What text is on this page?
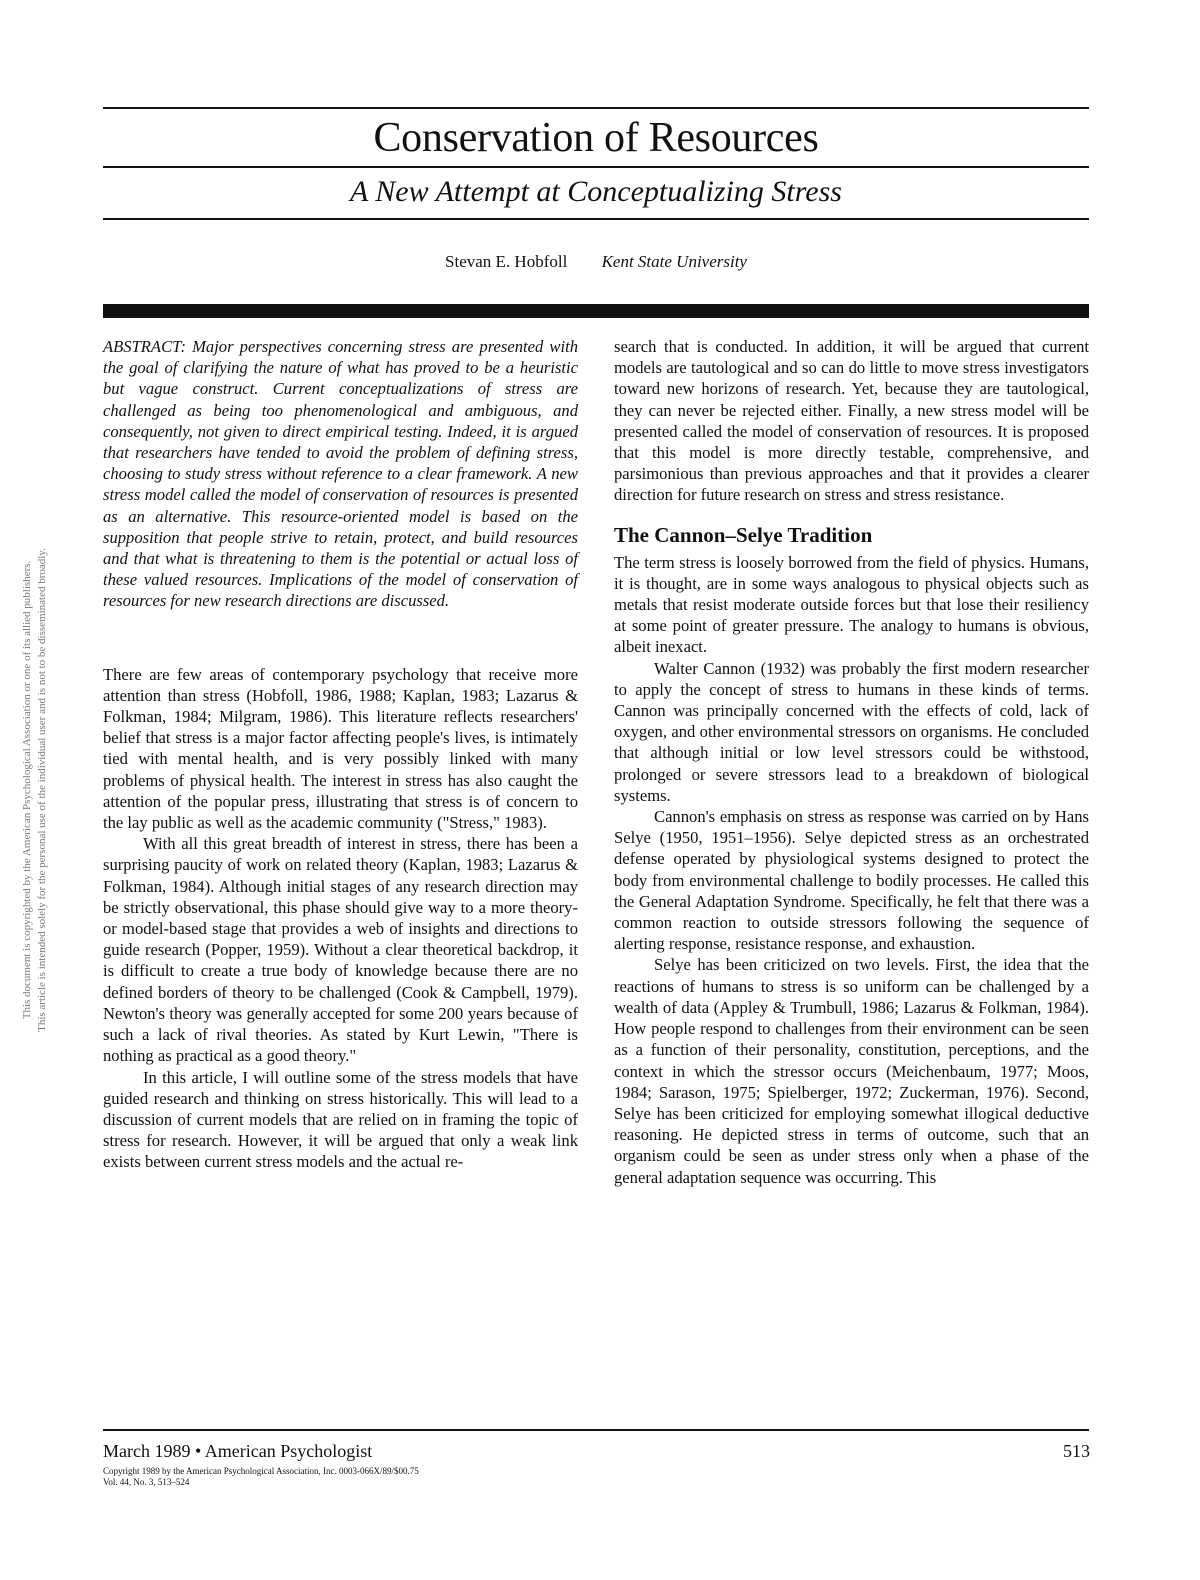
This document is copyrighted by the American Psychological Association or one of its allied publishers. This article is intended solely for the personal use of the individual user and is not to be disseminated broadly.
Conservation of Resources
A New Attempt at Conceptualizing Stress
Stevan E. Hobfoll Kent State University

ABSTRACT: Major perspectives concerning stress are presented with the goal of clarifying the nature of what has proved to be a heuristic but vague construct. Current conceptualizations of stress are challenged as being too phenomenological and ambiguous, and consequently, not given to direct empirical testing. Indeed, it is argued that researchers have tended to avoid the problem of defining stress, choosing to study stress without reference to a clear framework. A new stress model called the model of conservation of resources is presented as an alternative. This resource-oriented model is based on the supposition that people strive to retain, protect, and build resources and that what is threatening to them is the potential or actual loss of these valued resources. Implications of the model of conservation of resources for new research directions are discussed.

There are few areas of contemporary psychology that receive more attention than stress (Hobfoll, 1986, 1988; Kaplan, 1983; Lazarus & Folkman, 1984; Milgram, 1986). This literature reflects researchers' belief that stress is a major factor affecting people's lives, is intimately tied with mental health, and is very possibly linked with many problems of physical health. The interest in stress has also caught the attention of the popular press, illustrating that stress is of concern to the lay public as well as the academic community ("Stress," 1983).

With all this great breadth of interest in stress, there has been a surprising paucity of work on related theory (Kaplan, 1983; Lazarus & Folkman, 1984). Although initial stages of any research direction may be strictly observational, this phase should give way to a more theory- or model-based stage that provides a web of insights and directions to guide research (Popper, 1959). Without a clear theoretical backdrop, it is difficult to create a true body of knowledge because there are no defined borders of theory to be challenged (Cook & Campbell, 1979). Newton's theory was generally accepted for some 200 years because of such a lack of rival theories. As stated by Kurt Lewin, "There is nothing as practical as a good theory."

In this article, I will outline some of the stress models that have guided research and thinking on stress historically. This will lead to a discussion of current models that are relied on in framing the topic of stress for research. However, it will be argued that only a weak link exists between current stress models and the actual re-

search that is conducted. In addition, it will be argued that current models are tautological and so can do little to move stress investigators toward new horizons of research. Yet, because they are tautological, they can never be rejected either. Finally, a new stress model will be presented called the model of conservation of resources. It is proposed that this model is more directly testable, comprehensive, and parsimonious than previous approaches and that it provides a clearer direction for future research on stress and stress resistance.

The Cannon–Selye Tradition

The term stress is loosely borrowed from the field of physics. Humans, it is thought, are in some ways analogous to physical objects such as metals that resist moderate outside forces but that lose their resiliency at some point of greater pressure. The analogy to humans is obvious, albeit inexact.

Walter Cannon (1932) was probably the first modern researcher to apply the concept of stress to humans in these kinds of terms. Cannon was principally concerned with the effects of cold, lack of oxygen, and other environmental stressors on organisms. He concluded that although initial or low level stressors could be withstood, prolonged or severe stressors lead to a breakdown of biological systems.

Cannon's emphasis on stress as response was carried on by Hans Selye (1950, 1951–1956). Selye depicted stress as an orchestrated defense operated by physiological systems designed to protect the body from environmental challenge to bodily processes. He called this the General Adaptation Syndrome. Specifically, he felt that there was a common reaction to outside stressors following the sequence of alerting response, resistance response, and exhaustion.

Selye has been criticized on two levels. First, the idea that the reactions of humans to stress is so uniform can be challenged by a wealth of data (Appley & Trumbull, 1986; Lazarus & Folkman, 1984). How people respond to challenges from their environment can be seen as a function of their personality, constitution, perceptions, and the context in which the stressor occurs (Meichenbaum, 1977; Moos, 1984; Sarason, 1975; Spielberger, 1972; Zuckerman, 1976). Second, Selye has been criticized for employing somewhat illogical deductive reasoning. He depicted stress in terms of outcome, such that an organism could be seen as under stress only when a phase of the general adaptation sequence was occurring. This

March 1989 • American Psychologist	513
Copyright 1989 by the American Psychological Association, Inc. 0003-066X/89/$00.75
Vol. 44, No. 3, 513–524
